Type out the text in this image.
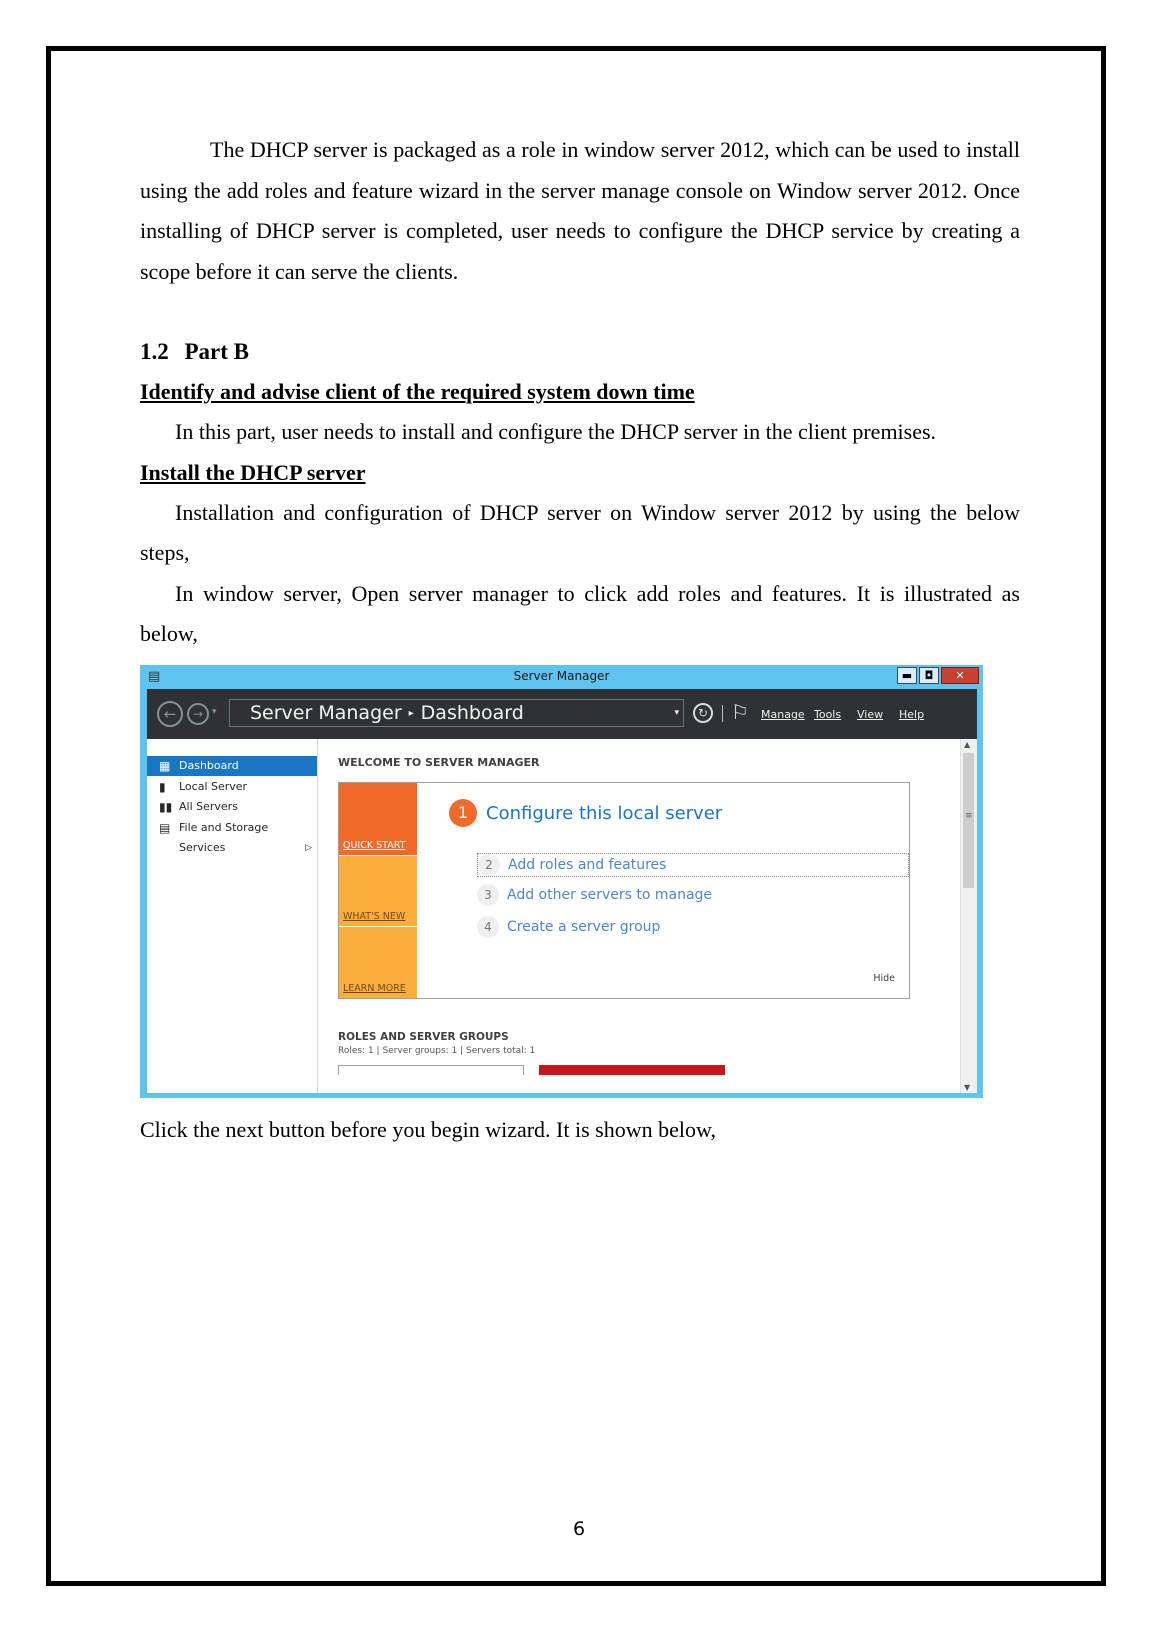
The DHCP server is packaged as a role in window server 2012, which can be used to install using the add roles and feature wizard in the server manage console on Window server 2012. Once installing of DHCP server is completed, user needs to configure the DHCP service by creating a scope before it can serve the clients.

1.2 Part B
Identify and advise client of the required system down time

In this part, user needs to install and configure the DHCP server in the client premises.

Install the DHCP server

Installation and configuration of DHCP server on Window server 2012 by using the below steps,

In window server, Open server manager to click add roles and features. It is illustrated as below,

▤	Server Manager	▬	◘	✕
←	→ ▾	Server Manager ▸ Dashboard	▾	↻ ⚐ Manage Tools View Help
▦ Dashboard
▮ Local Server
▮▮ All Servers
▤ File and Storage Services	▷
WELCOME TO SERVER MANAGER
QUICK START
WHAT'S NEW
LEARN MORE
1 Configure this local server
2	Add roles and features
3	Add other servers to manage
4	Create a server group
Hide
ROLES AND SERVER GROUPS
Roles: 1 | Server groups: 1 | Servers total: 1
▲
≡
▼

Click the next button before you begin wizard. It is shown below,

6
